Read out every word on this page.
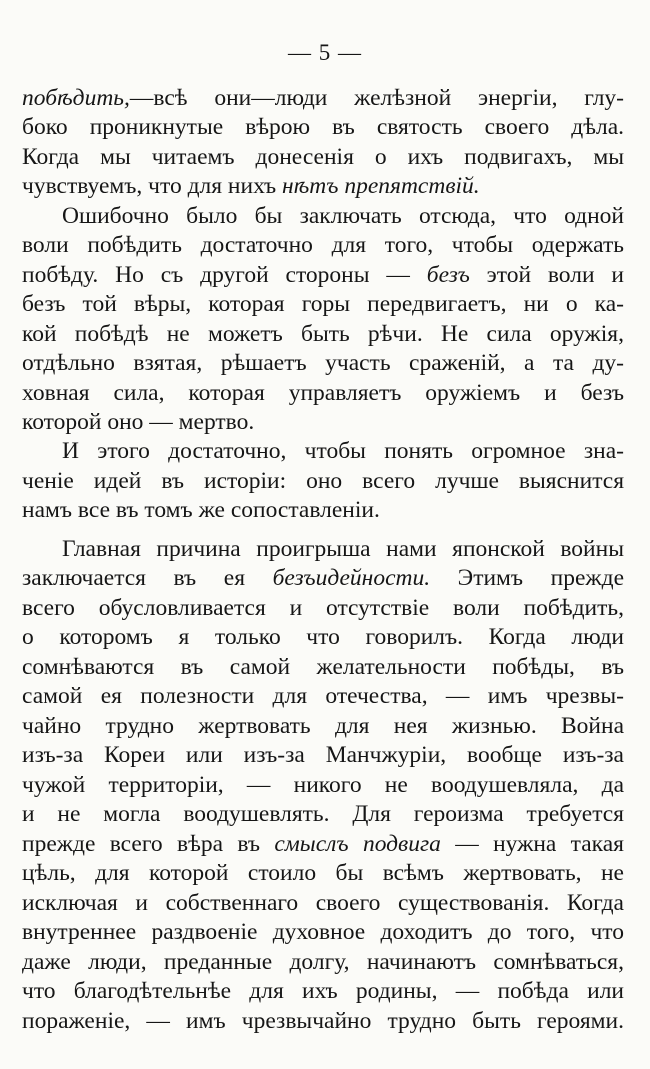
— 5 —
побѣдить,—всѣ они—люди желѣзной энергіи, глу-
боко проникнутые вѣрою въ святость своего дѣла.
Когда мы читаемъ донесенія о ихъ подвигахъ, мы
чувствуемъ, что для нихъ нѣтъ препятствій.
Ошибочно было бы заключать отсюда, что одной
воли побѣдить достаточно для того, чтобы одержать
побѣду. Но съ другой стороны — безъ этой воли и
безъ той вѣры, которая горы передвигаетъ, ни о ка-
кой побѣдѣ не можетъ быть рѣчи. Не сила оружія,
отдѣльно взятая, рѣшаетъ участь сраженій, а та ду-
ховная сила, которая управляетъ оружіемъ и безъ
которой оно — мертво.
И этого достаточно, чтобы понять огромное зна-
ченіе идей въ исторіи: оно всего лучше выяснится
намъ все въ томъ же сопоставленіи.
Главная причина проигрыша нами японской войны
заключается въ ея безъидейности. Этимъ прежде
всего обусловливается и отсутствіе воли побѣдить,
о которомъ я только что говорилъ. Когда люди
сомнѣваются въ самой желательности побѣды, въ
самой ея полезности для отечества, — имъ чрезвы-
чайно трудно жертвовать для нея жизнью. Война
изъ-за Кореи или изъ-за Манчжуріи, вообще изъ-за
чужой территоріи, — никого не воодушевляла, да
и не могла воодушевлять. Для героизма требуется
прежде всего вѣра въ смыслъ подвига — нужна такая
цѣль, для которой стоило бы всѣмъ жертвовать, не
исключая и собственнаго своего существованія. Когда
внутреннее раздвоеніе духовное доходитъ до того, что
даже люди, преданные долгу, начинаютъ сомнѣваться,
что благодѣтельнѣе для ихъ родины, — побѣда или
пораженіе, — имъ чрезвычайно трудно быть героями.
